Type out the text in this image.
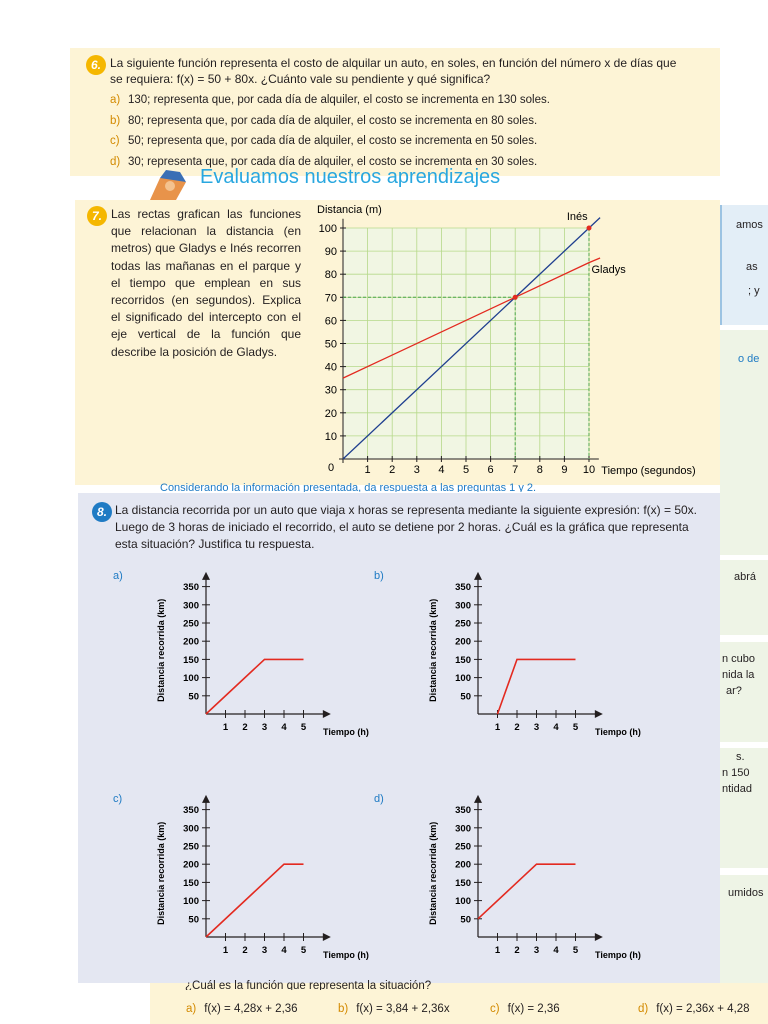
amos
as
; y
o de
abrá
n cubo
nida la
ar?
s.
n 150
ntidad
umidos
6. La siguiente función representa el costo de alquilar un auto, en soles, en función del número x de días que
se requiera: f(x) = 50 + 80x. ¿Cuánto vale su pendiente y qué significa?
a) 130; representa que, por cada día de alquiler, el costo se incrementa en 130 soles.
b) 80; representa que, por cada día de alquiler, el costo se incrementa en 80 soles.
c) 50; representa que, por cada día de alquiler, el costo se incrementa en 50 soles.
d) 30; representa que, por cada día de alquiler, el costo se incrementa en 30 soles.
Evaluamos nuestros aprendizajes
7. Las rectas grafican las funciones que relacionan la distancia (en metros) que Gladys e Inés recorren todas las mañanas en el parque y el tiempo que emplean en sus recorridos (en segundos). Explica el significado del intercepto con el eje vertical de la función que describe la posición de Gladys.
1 2 3 4 5 6 7 8 9 10
10
20
30
40
50
60
70
80
90
100
0
Distancia (m)
Tiempo (segundos)
Inés
Gladys
Considerando la información presentada, da respuesta a las preguntas 1 y 2.
8. La distancia recorrida por un auto que viaja x horas se representa mediante la siguiente expresión: f(x) = 50x. Luego de 3 horas de iniciado el recorrido, el auto se detiene por 2 horas. ¿Cuál es la gráfica que representa esta situación? Justifica tu respuesta.
a)	b)
c)	d)
1 2 3 4 5
50
100
150
200
250
300
350
Tiempo (h)
Distancia recorrida (km)
1 2 3 4 5
50
100
150
200
250
300
350
Tiempo (h)
Distancia recorrida (km)
1 2 3 4 5
50
100
150
200
250
300
350
Tiempo (h)
Distancia recorrida (km)
1 2 3 4 5
50
100
150
200
250
300
350
Tiempo (h)
Distancia recorrida (km)
¿Cuál es la función que representa la situación?
a) f(x) = 4,28x + 2,36	b) f(x) = 3,84 + 2,36x	c) f(x) = 2,36	d) f(x) = 2,36x + 4,28
